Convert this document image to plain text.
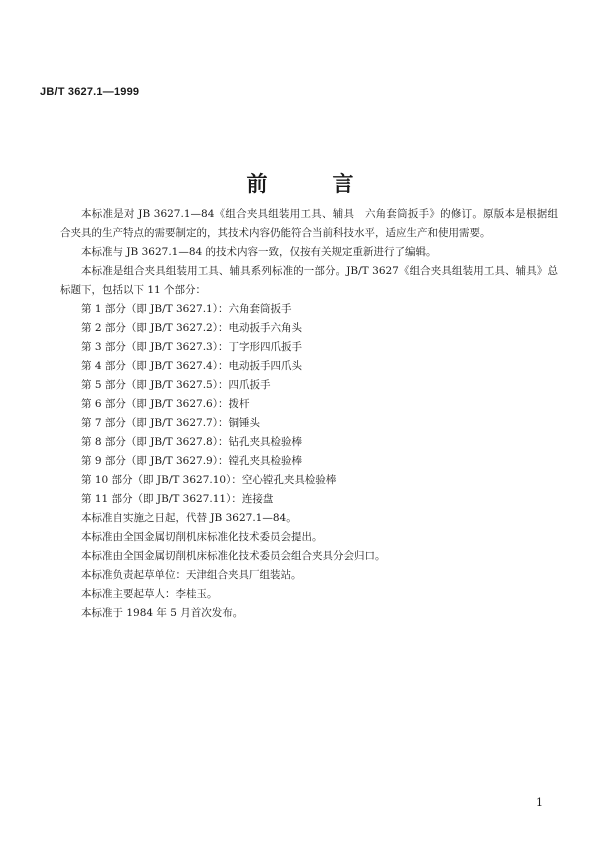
JB/T 3627.1—1999
前　言

本标准是对 JB 3627.1—84《组合夹具组装用工具、辅具　六角套筒扳手》的修订。原版本是根据组合夹具的生产特点的需要制定的，其技术内容仍能符合当前科技水平，适应生产和使用需要。

本标准与 JB 3627.1—84 的技术内容一致，仅按有关规定重新进行了编辑。

本标准是组合夹具组装用工具、辅具系列标准的一部分。JB/T 3627《组合夹具组装用工具、辅具》总标题下，包括以下 11 个部分：

第 1 部分（即 JB/T 3627.1）：六角套筒扳手

第 2 部分（即 JB/T 3627.2）：电动扳手六角头

第 3 部分（即 JB/T 3627.3）：丁字形四爪扳手

第 4 部分（即 JB/T 3627.4）：电动扳手四爪头

第 5 部分（即 JB/T 3627.5）：四爪扳手

第 6 部分（即 JB/T 3627.6）：拨杆

第 7 部分（即 JB/T 3627.7）：铜锤头

第 8 部分（即 JB/T 3627.8）：钻孔夹具检验棒

第 9 部分（即 JB/T 3627.9）：镗孔夹具检验棒

第 10 部分（即 JB/T 3627.10）：空心镗孔夹具检验棒

第 11 部分（即 JB/T 3627.11）：连接盘

本标准自实施之日起，代替 JB 3627.1—84。

本标准由全国金属切削机床标准化技术委员会提出。

本标准由全国金属切削机床标准化技术委员会组合夹具分会归口。

本标准负责起草单位：天津组合夹具厂组装站。

本标准主要起草人：李桂玉。

本标准于 1984 年 5 月首次发布。

1
